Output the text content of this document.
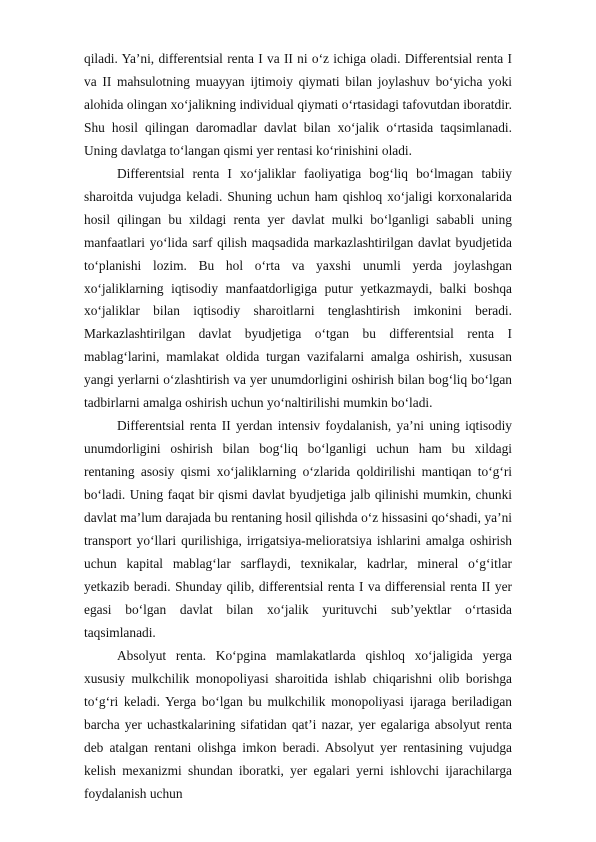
qiladi. Ya’ni, differentsial renta I va II ni o‘z ichiga oladi. Differentsial renta I va II mahsulotning muayyan ijtimoiy qiymati bilan joylashuv bo‘yicha yoki alohida olingan xo‘jalikning individual qiymati o‘rtasidagi tafovutdan iboratdir. Shu hosil qilingan daromadlar davlat bilan xo‘jalik o‘rtasida taqsimlanadi. Uning davlatga to‘langan qismi yer rentasi ko‘rinishini oladi.

Differentsial renta I xo‘jaliklar faoliyatiga bog‘liq bo‘lmagan tabiiy sharoitda vujudga keladi. Shuning uchun ham qishloq xo‘jaligi korxonalarida hosil qilingan bu xildagi renta yer davlat mulki bo‘lganligi sababli uning manfaatlari yo‘lida sarf qilish maqsadida markazlashtirilgan davlat byudjetida to‘planishi lozim. Bu hol o‘rta va yaxshi unumli yerda joylashgan xo‘jaliklarning iqtisodiy manfaatdorligiga putur yetkazmaydi, balki boshqa xo‘jaliklar bilan iqtisodiy sharoitlarni tenglashtirish imkonini beradi. Markazlashtirilgan davlat byudjetiga o‘tgan bu differentsial renta I mablag‘larini, mamlakat oldida turgan vazifalarni amalga oshirish, xususan yangi yerlarni o‘zlashtirish va yer unumdorligini oshirish bilan bog‘liq bo‘lgan tadbirlarni amalga oshirish uchun yo‘naltirilishi mumkin bo‘ladi.

Differentsial renta II yerdan intensiv foydalanish, ya’ni uning iqtisodiy unumdorligini oshirish bilan bog‘liq bo‘lganligi uchun ham bu xildagi rentaning asosiy qismi xo‘jaliklarning o‘zlarida qoldirilishi mantiqan to‘g‘ri bo‘ladi. Uning faqat bir qismi davlat byudjetiga jalb qilinishi mumkin, chunki davlat ma’lum darajada bu rentaning hosil qilishda o‘z hissasini qo‘shadi, ya’ni transport yo‘llari qurilishiga, irrigatsiya-melioratsiya ishlarini amalga oshirish uchun kapital mablag‘lar sarflaydi, texnikalar, kadrlar, mineral o‘g‘itlar yetkazib beradi. Shunday qilib, differentsial renta I va differensial renta II yer egasi bo‘lgan davlat bilan xo‘jalik yurituvchi sub’yektlar o‘rtasida taqsimlanadi.

Absolyut renta. Ko‘pgina mamlakatlarda qishloq xo‘jaligida yerga xususiy mulkchilik monopoliyasi sharoitida ishlab chiqarishni olib borishga to‘g‘ri keladi. Yerga bo‘lgan bu mulkchilik monopoliyasi ijaraga beriladigan barcha yer uchastkalarining sifatidan qat’i nazar, yer egalariga absolyut renta deb atalgan rentani olishga imkon beradi. Absolyut yer rentasining vujudga kelish mexanizmi shundan iboratki, yer egalari yerni ishlovchi ijarachilarga foydalanish uchun
